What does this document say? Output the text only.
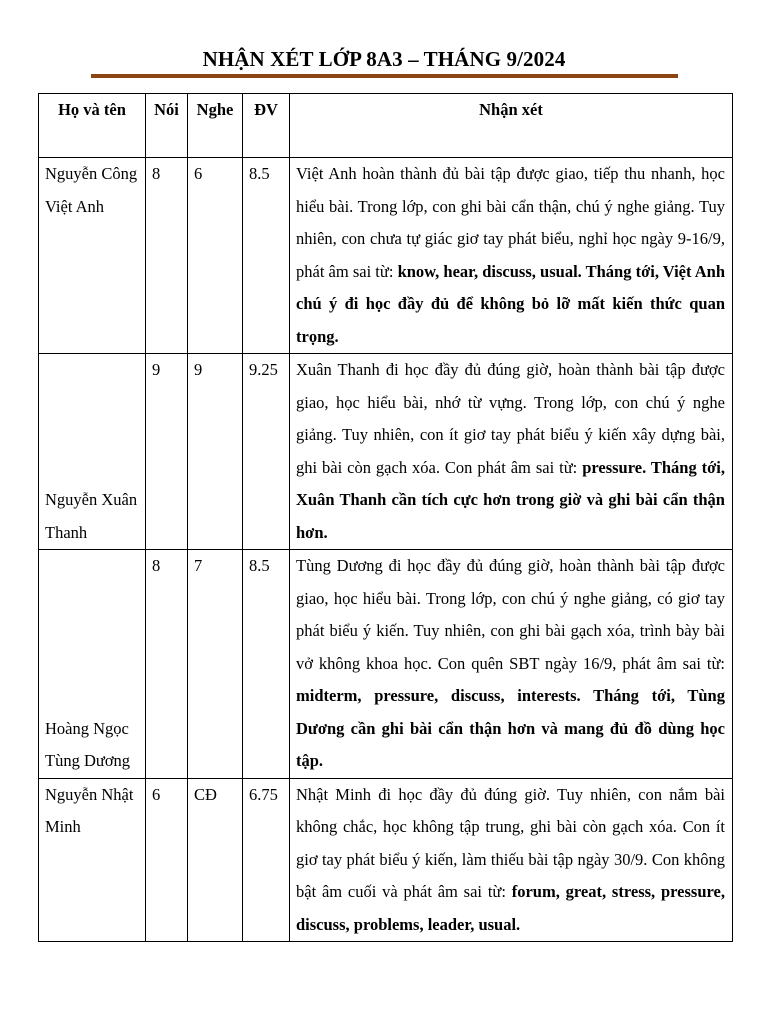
NHẬN XÉT LỚP 8A3 – THÁNG 9/2024
Họ và tên	Nói	Nghe	ĐV	Nhận xét
Nguyễn Công Việt Anh	8	6	8.5	Việt Anh hoàn thành đủ bài tập được giao, tiếp thu nhanh, học hiểu bài. Trong lớp, con ghi bài cẩn thận, chú ý nghe giảng. Tuy nhiên, con chưa tự giác giơ tay phát biểu, nghỉ học ngày 9-16/9, phát âm sai từ: know, hear, discuss, usual. Tháng tới, Việt Anh chú ý đi học đầy đủ để không bỏ lỡ mất kiến thức quan trọng.
Nguyễn Xuân Thanh	9	9	9.25	Xuân Thanh đi học đầy đủ đúng giờ, hoàn thành bài tập được giao, học hiểu bài, nhớ từ vựng. Trong lớp, con chú ý nghe giảng. Tuy nhiên, con ít giơ tay phát biểu ý kiến xây dựng bài, ghi bài còn gạch xóa. Con phát âm sai từ: pressure. Tháng tới, Xuân Thanh cần tích cực hơn trong giờ và ghi bài cẩn thận hơn.
Hoàng Ngọc Tùng Dương	8	7	8.5	Tùng Dương đi học đầy đủ đúng giờ, hoàn thành bài tập được giao, học hiểu bài. Trong lớp, con chú ý nghe giảng, có giơ tay phát biểu ý kiến. Tuy nhiên, con ghi bài gạch xóa, trình bày bài vở không khoa học. Con quên SBT ngày 16/9, phát âm sai từ: midterm, pressure, discuss, interests. Tháng tới, Tùng Dương cần ghi bài cẩn thận hơn và mang đủ đồ dùng học tập.
Nguyễn Nhật Minh	6	CĐ	6.75	Nhật Minh đi học đầy đủ đúng giờ. Tuy nhiên, con nắm bài không chắc, học không tập trung, ghi bài còn gạch xóa. Con ít giơ tay phát biểu ý kiến, làm thiếu bài tập ngày 30/9. Con không bật âm cuối và phát âm sai từ: forum, great, stress, pressure, discuss, problems, leader, usual.
